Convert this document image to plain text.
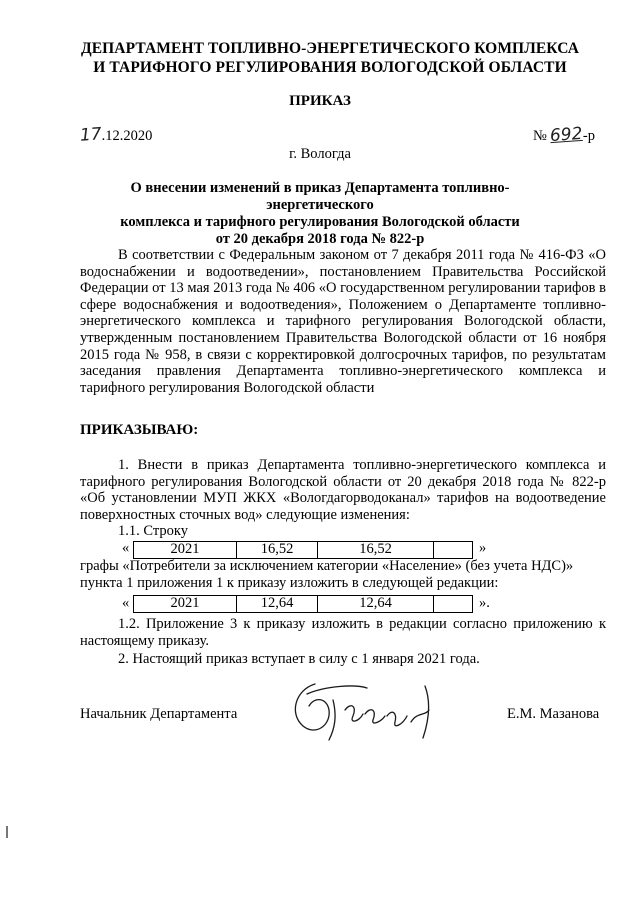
ДЕПАРТАМЕНТ ТОПЛИВНО-ЭНЕРГЕТИЧЕСКОГО КОМПЛЕКСА
И ТАРИФНОГО РЕГУЛИРОВАНИЯ ВОЛОГОДСКОЙ ОБЛАСТИ
ПРИКАЗ
17.12.2020	№ 692-р
г. Вологда
О внесении изменений в приказ Департамента топливно-энергетического
комплекса и тарифного регулирования Вологодской области
от 20 декабря 2018 года № 822-р
В соответствии с Федеральным законом от 7 декабря 2011 года № 416-ФЗ «О водоснабжении и водоотведении», постановлением Правительства Российской Федерации от 13 мая 2013 года № 406 «О государственном регулировании тарифов в сфере водоснабжения и водоотведения», Положением о Департаменте топливно-энергетического комплекса и тарифного регулирования Вологодской области, утвержденным постановлением Правительства Вологодской области от 16 ноября 2015 года № 958, в связи с корректировкой долгосрочных тарифов, по результатам заседания правления Департамента топливно-энергетического комплекса и тарифного регулирования Вологодской области
ПРИКАЗЫВАЮ:
1. Внести в приказ Департамента топливно-энергетического комплекса и тарифного регулирования Вологодской области от 20 декабря 2018 года № 822-р «Об установлении МУП ЖКХ «Вологдагорводоканал» тарифов на водоотведение поверхностных сточных вод» следующие изменения:
1.1. Строку
«	2021	16,52	16,52	»
графы «Потребители за исключением категории «Население» (без учета НДС)»
пункта 1 приложения 1 к приказу изложить в следующей редакции:
«	2021	12,64	12,64	».
1.2. Приложение 3 к приказу изложить в редакции согласно приложению к настоящему приказу.
2. Настоящий приказ вступает в силу с 1 января 2021 года.
Начальник Департамента	Е.М. Мазанова
